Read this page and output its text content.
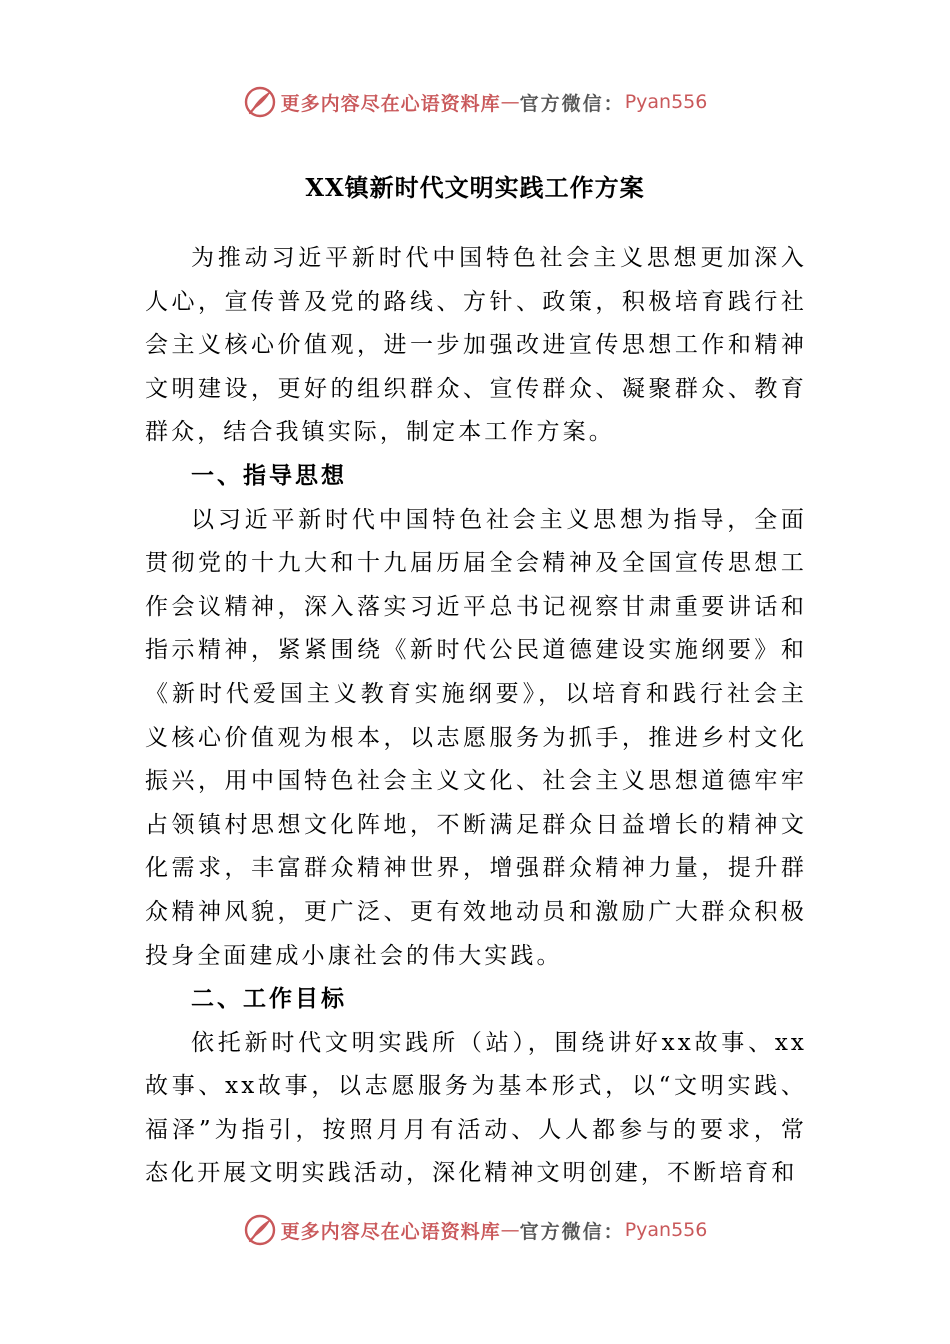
更多内容尽在心语资料库 — 官方微信： Pyan556
XX镇新时代文明实践工作方案

为推动习近平新时代中国特色社会主义思想更加深入人心，宣传普及党的路线、方针、政策，积极培育践行社会主义核心价值观，进一步加强改进宣传思想工作和精神文明建设，更好的组织群众、宣传群众、凝聚群众、教育群众，结合我镇实际，制定本工作方案。

一、指导思想

以习近平新时代中国特色社会主义思想为指导，全面贯彻党的十九大和十九届历届全会精神及全国宣传思想工作会议精神，深入落实习近平总书记视察甘肃重要讲话和指示精神，紧紧围绕《新时代公民道德建设实施纲要》和《新时代爱国主义教育实施纲要》，以培育和践行社会主义核心价值观为根本，以志愿服务为抓手，推进乡村文化振兴，用中国特色社会主义文化、社会主义思想道德牢牢占领镇村思想文化阵地，不断满足群众日益增长的精神文化需求，丰富群众精神世界，增强群众精神力量，提升群众精神风貌，更广泛、更有效地动员和激励广大群众积极投身全面建成小康社会的伟大实践。

二、工作目标

依托新时代文明实践所（站），围绕讲好xx故事、xx故事、xx故事，以志愿服务为基本形式，以“文明实践、福泽”为指引，按照月月有活动、人人都参与的要求，常态化开展文明实践活动，深化精神文明创建，不断培育和

更多内容尽在心语资料库 — 官方微信： Pyan556
